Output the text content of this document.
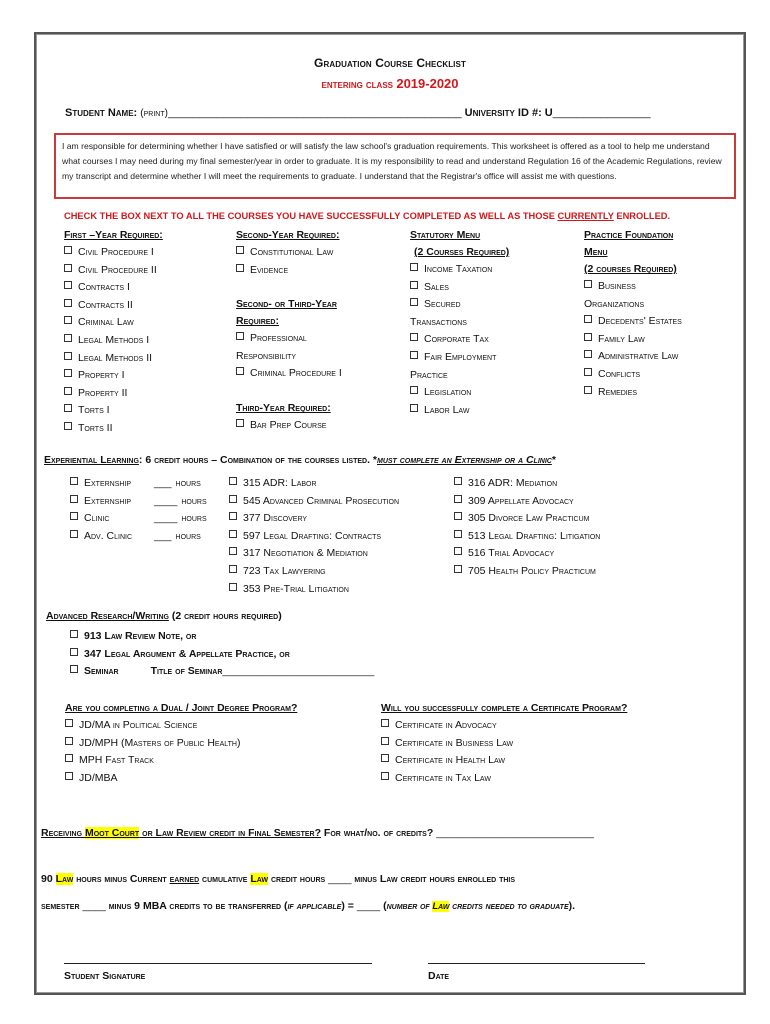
Graduation Course Checklist
entering class 2019-2020
Student Name: (print)________________________________________________ University ID #: U________________
I am responsible for determining whether I have satisfied or will satisfy the law school's graduation requirements. This worksheet is offered as a tool to help me understand what courses I may need during my final semester/year in order to graduate. It is my responsibility to read and understand Regulation 16 of the Academic Regulations, review my transcript and determine whether I will meet the requirements to graduate. I understand that the Registrar's office will assist me with questions.
CHECK THE BOX NEXT TO ALL THE COURSES YOU HAVE SUCCESSFULLY COMPLETED AS WELL AS THOSE CURRENTLY ENROLLED.
First –Year Required:
Civil Procedure I
Civil Procedure II
Contracts I
Contracts II
Criminal Law
Legal Methods I
Legal Methods II
Property I
Property II
Torts I
Torts II
Second-Year Required:
Constitutional Law
Evidence
Second- or Third-Year
Required:
Professional
Responsibility
Criminal Procedure I
Third-Year Required:
Bar Prep Course
Statutory Menu
(2 Courses Required)
Income Taxation
Sales
Secured
Transactions
Corporate Tax
Fair Employment
Practice
Legislation
Labor Law
Practice Foundation
Menu
(2 courses Required)
Business
Organizations
Decedents' Estates
Family Law
Administrative Law
Conflicts
Remedies
Experiential Learning: 6 credit hours – Combination of the courses listed. *must complete an Externship or a Clinic*
Externship ___ hours
Externship ____ hours
Clinic	____ hours
Adv. Clinic ___ hours
315 ADR: Labor
545 Advanced Criminal Prosecution
377 Discovery
597 Legal Drafting: Contracts
317 Negotiation & Mediation
723 Tax Lawyering
353 Pre-Trial Litigation
316 ADR: Mediation
309 Appellate Advocacy
305 Divorce Law Practicum
513 Legal Drafting: Litigation
516 Trial Advocacy
705 Health Policy Practicum
Advanced Research/Writing (2 credit hours required)
913 Law Review Note, or
347 Legal Argument & Appellate Practice, or
Seminar	Title of Seminar__________________________
Are you completing a Dual / Joint Degree Program?
JD/MA in Political Science
JD/MPH (Masters of Public Health)
MPH Fast Track
JD/MBA
Will you successfully complete a Certificate Program?
Certificate in Advocacy
Certificate in Business Law
Certificate in Health Law
Certificate in Tax Law
Receiving Moot Court or Law Review credit in Final Semester? For what/no. of credits? ___________________________
90 Law hours minus Current earned cumulative Law credit hours ____ minus Law credit hours enrolled this
semester ____ minus 9 MBA credits to be transferred (if applicable) = ____ (number of Law credits needed to graduate).
Student Signature	Date
